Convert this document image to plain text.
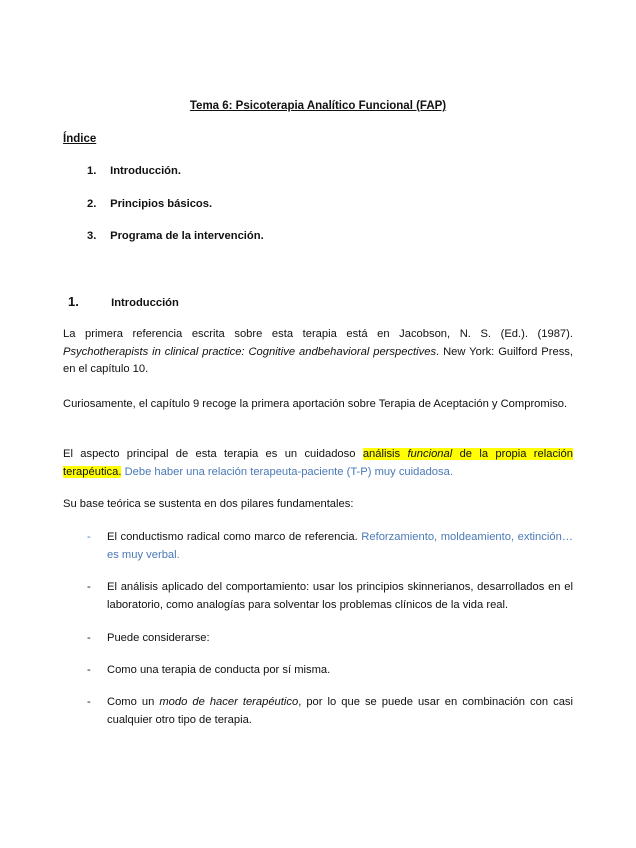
Tema 6: Psicoterapia Analítico Funcional (FAP)
Índice
1. Introducción.
2. Principios básicos.
3. Programa de la intervención.
1.	Introducción
La primera referencia escrita sobre esta terapia está en Jacobson, N. S. (Ed.). (1987). Psychotherapists in clinical practice: Cognitive andbehavioral perspectives. New York: Guilford Press, en el capítulo 10.
Curiosamente, el capítulo 9 recoge la primera aportación sobre Terapia de Aceptación y Compromiso.
El aspecto principal de esta terapia es un cuidadoso análisis funcional de la propia relación terapéutica. Debe haber una relación terapeuta-paciente (T-P) muy cuidadosa.
Su base teórica se sustenta en dos pilares fundamentales:
-	El conductismo radical como marco de referencia. Reforzamiento, moldeamiento, extinción… es muy verbal.
-	El análisis aplicado del comportamiento: usar los principios skinnerianos, desarrollados en el laboratorio, como analogías para solventar los problemas clínicos de la vida real.
-	Puede considerarse:
-	Como una terapia de conducta por sí misma.
-	Como un modo de hacer terapéutico, por lo que se puede usar en combinación con casi cualquier otro tipo de terapia.
